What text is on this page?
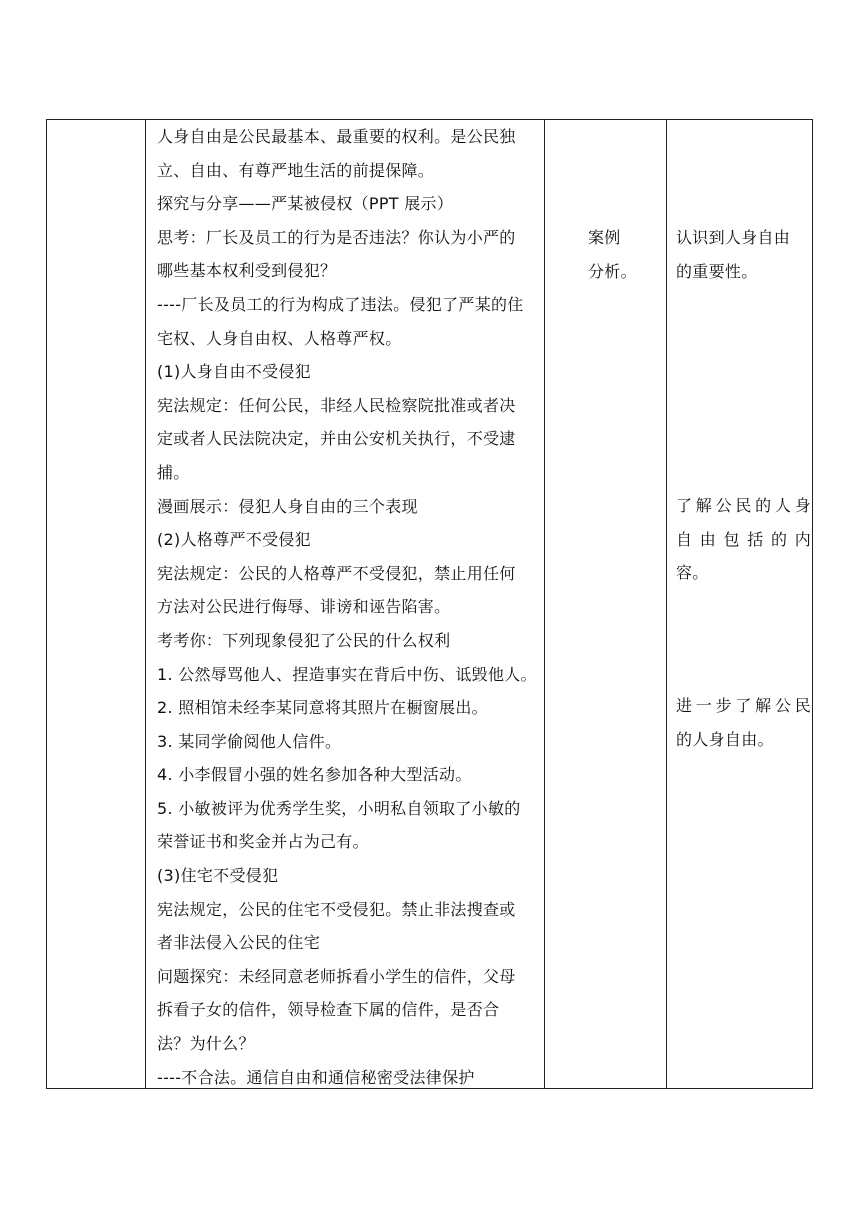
人身自由是公民最基本、最重要的权利。是公民独
立、自由、有尊严地生活的前提保障。
探究与分享——严某被侵权（PPT 展示）
思考：厂长及员工的行为是否违法？你认为小严的
哪些基本权利受到侵犯？
----厂长及员工的行为构成了违法。侵犯了严某的住
宅权、人身自由权、人格尊严权。
(1)人身自由不受侵犯
宪法规定：任何公民，非经人民检察院批准或者决
定或者人民法院决定，并由公安机关执行，不受逮
捕。
漫画展示：侵犯人身自由的三个表现
(2)人格尊严不受侵犯
宪法规定：公民的人格尊严不受侵犯，禁止用任何
方法对公民进行侮辱、诽谤和诬告陷害。
考考你：下列现象侵犯了公民的什么权利
1. 公然辱骂他人、捏造事实在背后中伤、诋毁他人。
2. 照相馆未经李某同意将其照片在橱窗展出。
3. 某同学偷阅他人信件。
4. 小李假冒小强的姓名参加各种大型活动。
5. 小敏被评为优秀学生奖，小明私自领取了小敏的
荣誉证书和奖金并占为己有。
(3)住宅不受侵犯
宪法规定，公民的住宅不受侵犯。禁止非法搜查或
者非法侵入公民的住宅
问题探究：未经同意老师拆看小学生的信件，父母
拆看子女的信件，领导检查下属的信件，是否合
法？为什么？
----不合法。通信自由和通信秘密受法律保护
案例
分析。
认识到人身自由
的重要性。
了解公民的人身
自由包括的内
容。
进一步了解公民
的人身自由。
